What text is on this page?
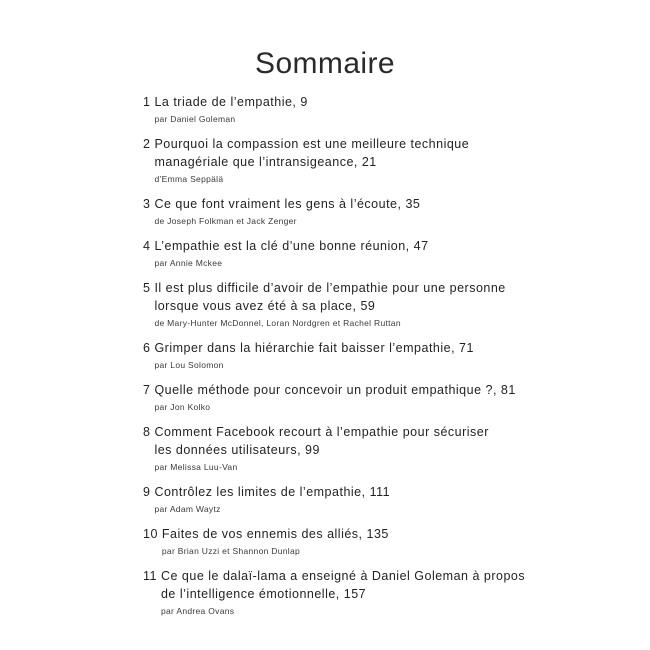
Sommaire
1 La triade de l’empathie, 9
par Daniel Goleman
2 Pourquoi la compassion est une meilleure technique
managériale que l’intransigeance, 21
d’Emma Seppälä
3 Ce que font vraiment les gens à l’écoute, 35
de Joseph Folkman et Jack Zenger
4 L’empathie est la clé d’une bonne réunion, 47
par Annie Mckee
5 Il est plus difficile d’avoir de l’empathie pour une personne
lorsque vous avez été à sa place, 59
de Mary-Hunter McDonnel, Loran Nordgren et Rachel Ruttan
6 Grimper dans la hiérarchie fait baisser l’empathie, 71
par Lou Solomon
7 Quelle méthode pour concevoir un produit empathique ?, 81
par Jon Kolko
8 Comment Facebook recourt à l’empathie pour sécuriser
les données utilisateurs, 99
par Melissa Luu-Van
9 Contrôlez les limites de l’empathie, 111
par Adam Waytz
10 Faites de vos ennemis des alliés, 135
par Brian Uzzi et Shannon Dunlap
11 Ce que le dalaï-lama a enseigné à Daniel Goleman à propos
de l’intelligence émotionnelle, 157
par Andrea Ovans
